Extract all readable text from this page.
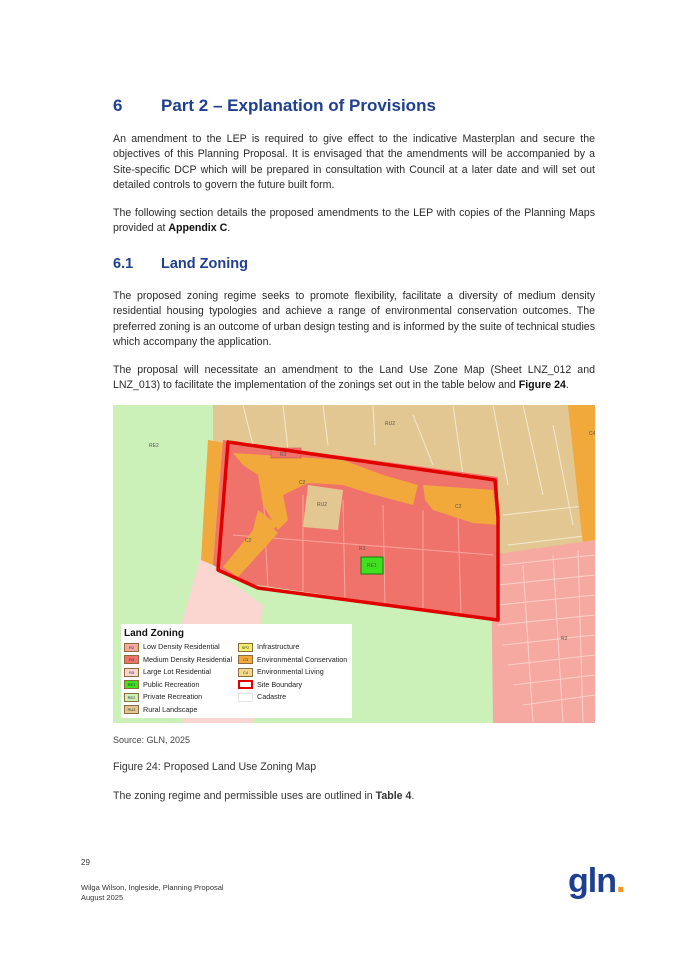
6 Part 2 – Explanation of Provisions

An amendment to the LEP is required to give effect to the indicative Masterplan and secure the objectives of this Planning Proposal. It is envisaged that the amendments will be accompanied by a Site-specific DCP which will be prepared in consultation with Council at a later date and will set out detailed controls to govern the future built form.

The following section details the proposed amendments to the LEP with copies of the Planning Maps provided at Appendix C.

6.1 Land Zoning

The proposed zoning regime seeks to promote flexibility, facilitate a diversity of medium density residential housing typologies and achieve a range of environmental conservation outcomes. The preferred zoning is an outcome of urban design testing and is informed by the suite of technical studies which accompany the application.

The proposal will necessitate an amendment to the Land Use Zone Map (Sheet LNZ_012 and LNZ_013) to facilitate the implementation of the zonings set out in the table below and Figure 24.

RE2
RU2
R3
C2
RU2	C2
C2
R3
RE1
R2
C4
Land Zoning
R2 Low Density Residential
R3 Medium Density Residential
R5 Large Lot Residential
RE1 Public Recreation
RE2 Private Recreation
RU2 Rural Landscape
SP2 Infrastructure
C3 Environmental Conservation
C4 Environmental Living
Site Boundary
Cadastre
Source: GLN, 2025
Figure 24: Proposed Land Use Zoning Map
The zoning regime and permissible uses are outlined in Table 4.
29
Wilga Wilson, Ingleside, Planning Proposal
August 2025	gln.
